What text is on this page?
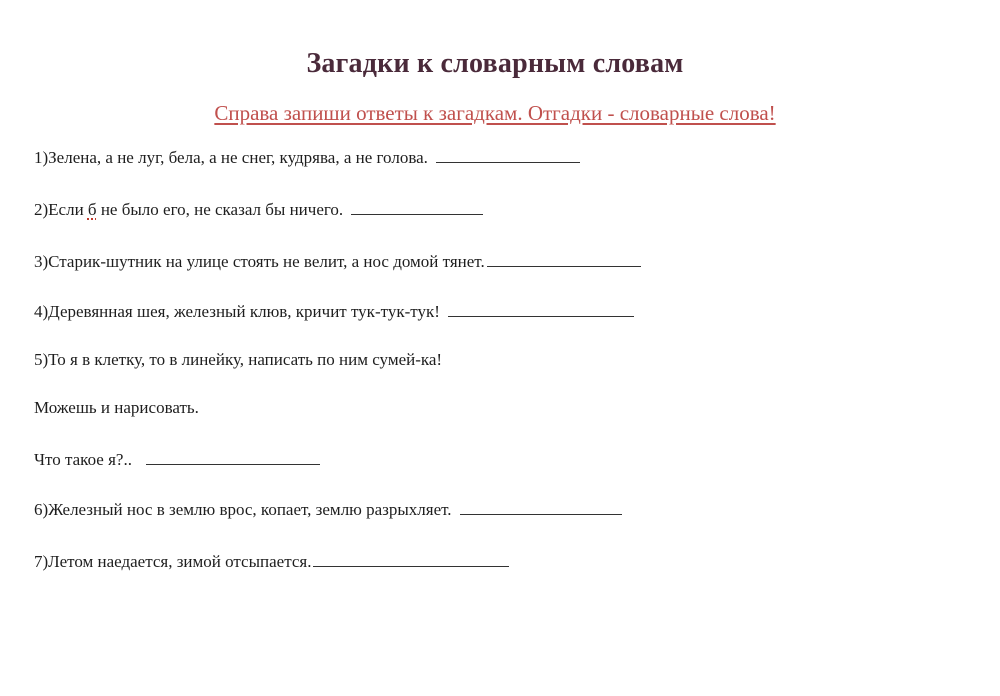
Загадки к словарным словам
Справа запиши ответы к загадкам. Отгадки - словарные слова!
1)Зелена, а не луг, бела, а не снег, кудрява, а не голова.
2)Если б не было его, не сказал бы ничего.
3)Старик-шутник на улице стоять не велит, а нос домой тянет.
4)Деревянная шея, железный клюв, кричит тук-тук-тук!
5)То я в клетку, то в линейку, написать по ним сумей-ка!
Можешь и нарисовать.
Что такое я?..
6)Железный нос в землю врос, копает, землю разрыхляет.
7)Летом наедается, зимой отсыпается.
